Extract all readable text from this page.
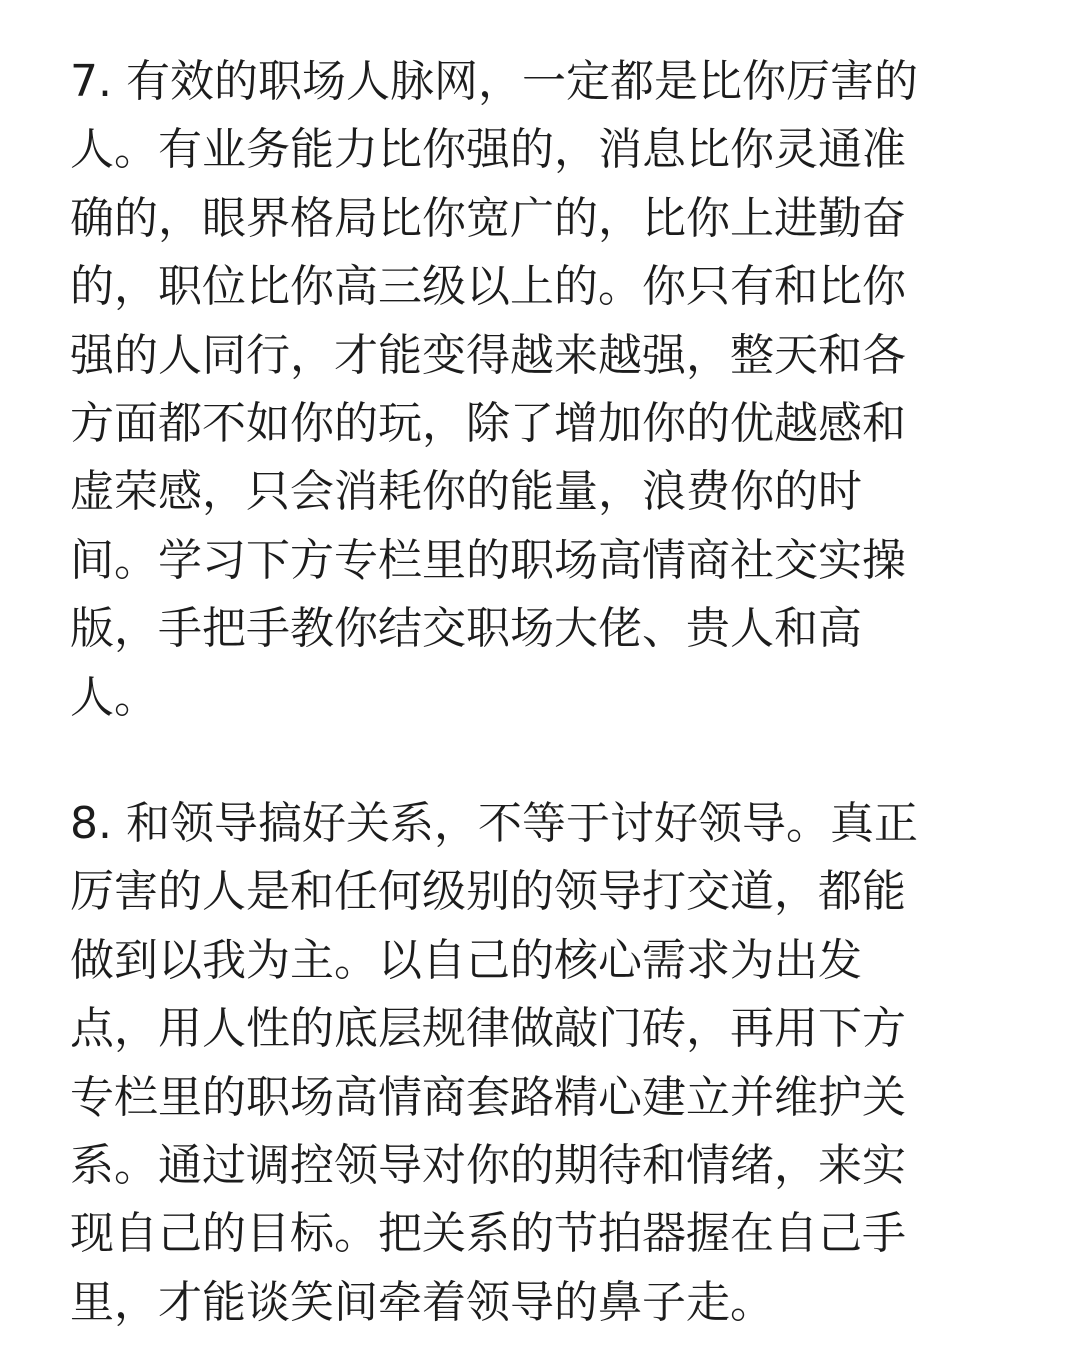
7. 有效的职场人脉网，一定都是比你厉害的
人。有业务能力比你强的，消息比你灵通准
确的，眼界格局比你宽广的，比你上进勤奋
的，职位比你高三级以上的。你只有和比你
强的人同行，才能变得越来越强，整天和各
方面都不如你的玩，除了增加你的优越感和
虚荣感，只会消耗你的能量，浪费你的时
间。学习下方专栏里的职场高情商社交实操
版，手把手教你结交职场大佬、贵人和高
人。
8. 和领导搞好关系，不等于讨好领导。真正
厉害的人是和任何级别的领导打交道，都能
做到以我为主。以自己的核心需求为出发
点，用人性的底层规律做敲门砖，再用下方
专栏里的职场高情商套路精心建立并维护关
系。通过调控领导对你的期待和情绪，来实
现自己的目标。把关系的节拍器握在自己手
里，才能谈笑间牵着领导的鼻子走。
